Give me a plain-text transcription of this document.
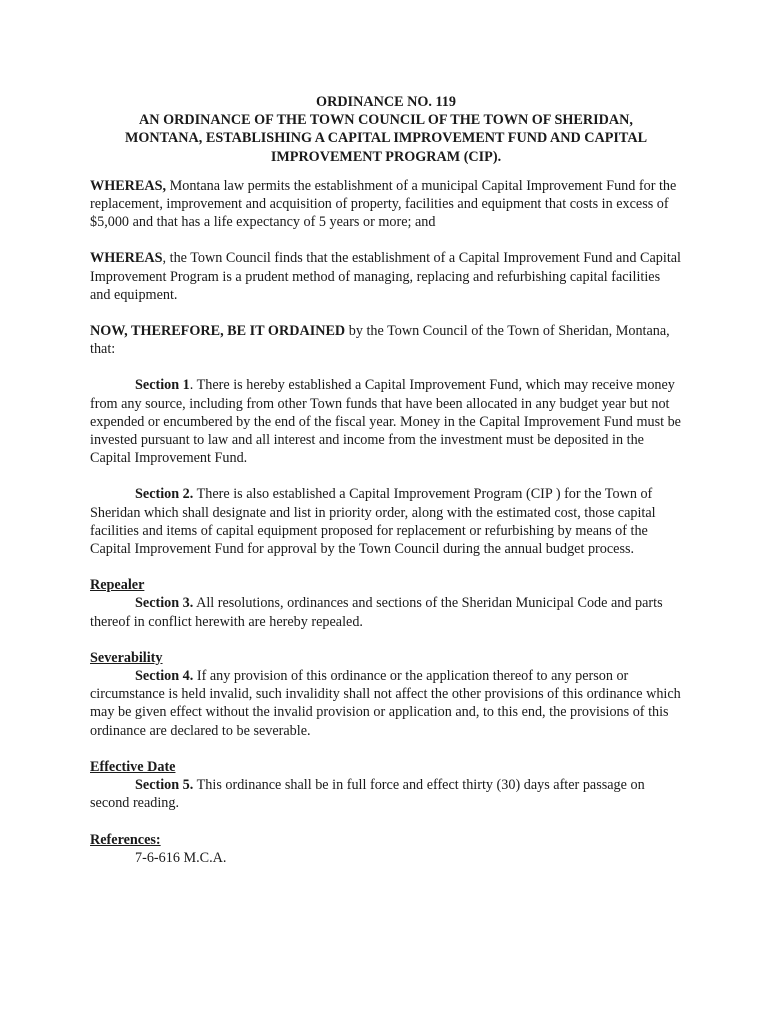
ORDINANCE NO. 119
AN ORDINANCE OF THE TOWN COUNCIL OF THE TOWN OF SHERIDAN,
MONTANA, ESTABLISHING A CAPITAL IMPROVEMENT FUND AND CAPITAL
IMPROVEMENT PROGRAM (CIP).

WHEREAS, Montana law permits the establishment of a municipal Capital Improvement Fund for the replacement, improvement and acquisition of property, facilities and equipment that costs in excess of $5,000 and that has a life expectancy of 5 years or more; and

WHEREAS, the Town Council finds that the establishment of a Capital Improvement Fund and Capital Improvement Program is a prudent method of managing, replacing and refurbishing capital facilities and equipment.

NOW, THEREFORE, BE IT ORDAINED by the Town Council of the Town of Sheridan, Montana, that:

Section 1. There is hereby established a Capital Improvement Fund, which may receive money from any source, including from other Town funds that have been allocated in any budget year but not expended or encumbered by the end of the fiscal year. Money in the Capital Improvement Fund must be invested pursuant to law and all interest and income from the investment must be deposited in the Capital Improvement Fund.

Section 2. There is also established a Capital Improvement Program (CIP ) for the Town of Sheridan which shall designate and list in priority order, along with the estimated cost, those capital facilities and items of capital equipment proposed for replacement or refurbishing by means of the Capital Improvement Fund for approval by the Town Council during the annual budget process.

Repealer

Section 3. All resolutions, ordinances and sections of the Sheridan Municipal Code and parts thereof in conflict herewith are hereby repealed.

Severability

Section 4. If any provision of this ordinance or the application thereof to any person or circumstance is held invalid, such invalidity shall not affect the other provisions of this ordinance which may be given effect without the invalid provision or application and, to this end, the provisions of this ordinance are declared to be severable.

Effective Date

Section 5. This ordinance shall be in full force and effect thirty (30) days after passage on second reading.

References:
7-6-616 M.C.A.
